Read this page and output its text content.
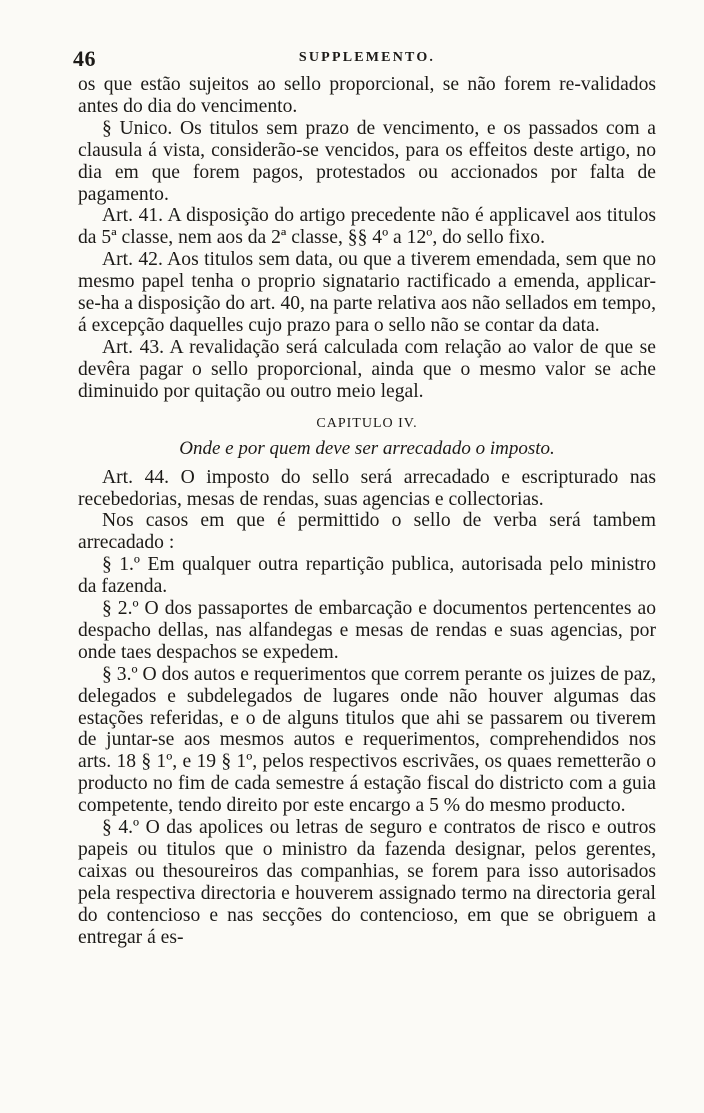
46	SUPPLEMENTO.

os que estão sujeitos ao sello proporcional, se não forem re-validados antes do dia do vencimento.

§ Unico. Os titulos sem prazo de vencimento, e os passados com a clausula á vista, considerão-se vencidos, para os effeitos deste artigo, no dia em que forem pagos, protestados ou accionados por falta de pagamento.

Art. 41. A disposição do artigo precedente não é applicavel aos titulos da 5ª classe, nem aos da 2ª classe, §§ 4º a 12º, do sello fixo.

Art. 42. Aos titulos sem data, ou que a tiverem emendada, sem que no mesmo papel tenha o proprio signatario ractificado a emenda, applicar-se-ha a disposição do art. 40, na parte relativa aos não sellados em tempo, á excepção daquelles cujo prazo para o sello não se contar da data.

Art. 43. A revalidação será calculada com relação ao valor de que se devêra pagar o sello proporcional, ainda que o mesmo valor se ache diminuido por quitação ou outro meio legal.

CAPITULO IV.
Onde e por quem deve ser arrecadado o imposto.

Art. 44. O imposto do sello será arrecadado e escripturado nas recebedorias, mesas de rendas, suas agencias e collectorias.

Nos casos em que é permittido o sello de verba será tambem arrecadado :

§ 1.º Em qualquer outra repartição publica, autorisada pelo ministro da fazenda.

§ 2.º O dos passaportes de embarcação e documentos pertencentes ao despacho dellas, nas alfandegas e mesas de rendas e suas agencias, por onde taes despachos se expedem.

§ 3.º O dos autos e requerimentos que correm perante os juizes de paz, delegados e subdelegados de lugares onde não houver algumas das estações referidas, e o de alguns titulos que ahi se passarem ou tiverem de juntar-se aos mesmos autos e requerimentos, comprehendidos nos arts. 18 § 1º, e 19 § 1º, pelos respectivos escrivães, os quaes remetterão o producto no fim de cada semestre á estação fiscal do districto com a guia competente, tendo direito por este encargo a 5 % do mesmo producto.

§ 4.º O das apolices ou letras de seguro e contratos de risco e outros papeis ou titulos que o ministro da fazenda designar, pelos gerentes, caixas ou thesoureiros das companhias, se forem para isso autorisados pela respectiva directoria e houverem assignado termo na directoria geral do contencioso e nas secções do contencioso, em que se obriguem a entregar á es-
